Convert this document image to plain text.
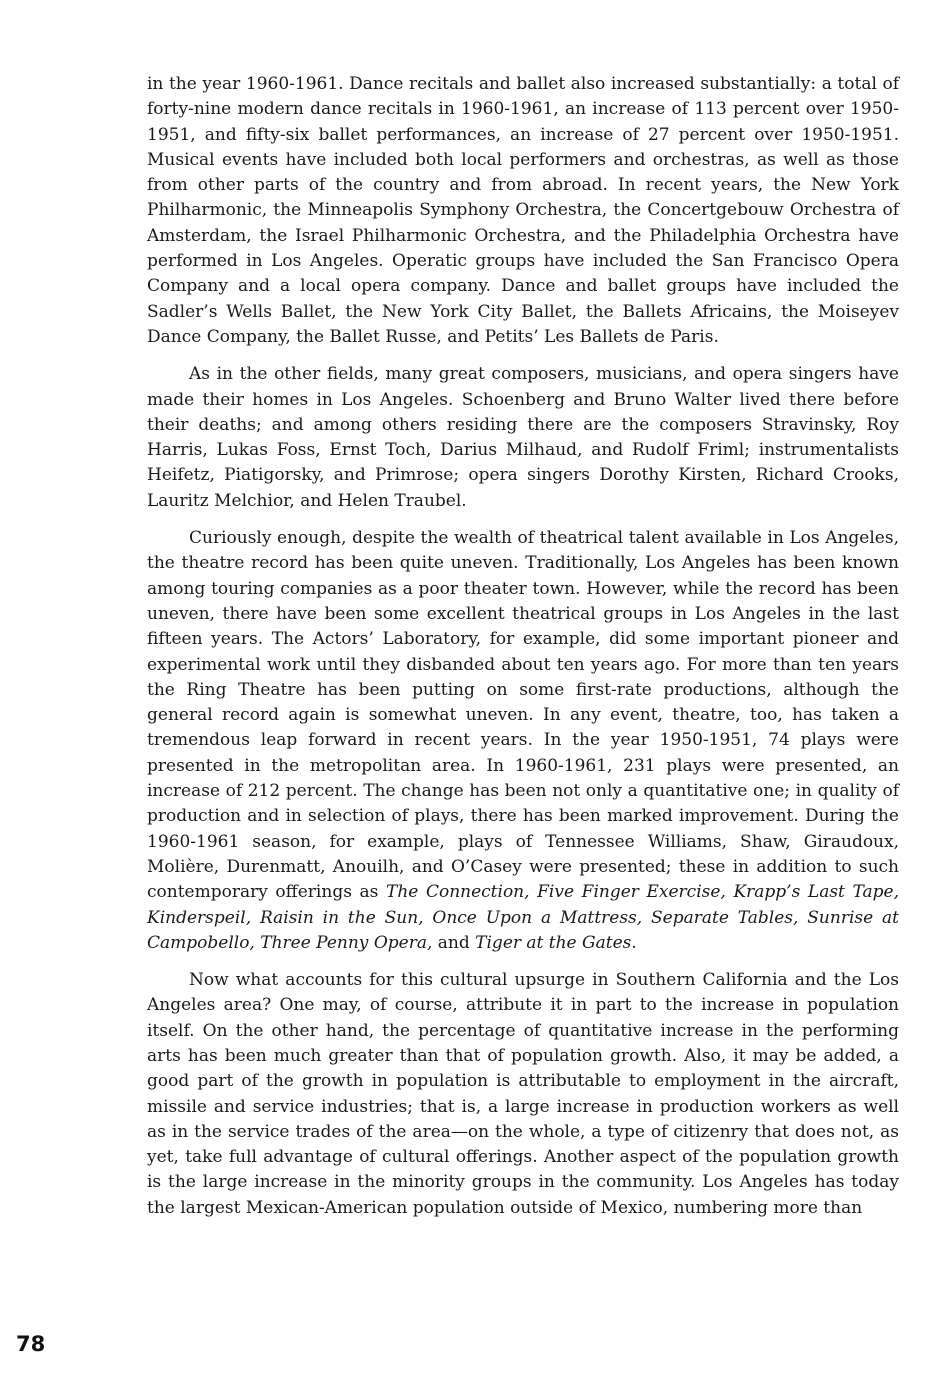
in the year 1960-1961. Dance recitals and ballet also increased substantially: a total of forty-nine modern dance recitals in 1960-1961, an increase of 113 percent over 1950-1951, and fifty-six ballet performances, an increase of 27 percent over 1950-1951. Musical events have included both local performers and orchestras, as well as those from other parts of the country and from abroad. In recent years, the New York Philharmonic, the Minneapolis Symphony Orchestra, the Concertgebouw Orchestra of Amsterdam, the Israel Philharmonic Orchestra, and the Philadelphia Orchestra have performed in Los Angeles. Operatic groups have included the San Francisco Opera Company and a local opera company. Dance and ballet groups have included the Sadler’s Wells Ballet, the New York City Ballet, the Ballets Africains, the Moiseyev Dance Company, the Ballet Russe, and Petits’ Les Ballets de Paris.

As in the other fields, many great composers, musicians, and opera singers have made their homes in Los Angeles. Schoenberg and Bruno Walter lived there before their deaths; and among others residing there are the composers Stravinsky, Roy Harris, Lukas Foss, Ernst Toch, Darius Milhaud, and Rudolf Friml; instrumentalists Heifetz, Piatigorsky, and Primrose; opera singers Dorothy Kirsten, Richard Crooks, Lauritz Melchior, and Helen Traubel.

Curiously enough, despite the wealth of theatrical talent available in Los Angeles, the theatre record has been quite uneven. Traditionally, Los Angeles has been known among touring companies as a poor theater town. However, while the record has been uneven, there have been some excellent theatrical groups in Los Angeles in the last fifteen years. The Actors’ Laboratory, for example, did some important pioneer and experimental work until they disbanded about ten years ago. For more than ten years the Ring Theatre has been putting on some first-rate productions, although the general record again is somewhat uneven. In any event, theatre, too, has taken a tremendous leap forward in recent years. In the year 1950-1951, 74 plays were presented in the metropolitan area. In 1960-1961, 231 plays were presented, an increase of 212 percent. The change has been not only a quantitative one; in quality of production and in selection of plays, there has been marked improvement. During the 1960-1961 season, for example, plays of Tennessee Williams, Shaw, Giraudoux, Molière, Durenmatt, Anouilh, and O’Casey were presented; these in addition to such contemporary offerings as The Connection, Five Finger Exercise, Krapp’s Last Tape, Kinderspeil, Raisin in the Sun, Once Upon a Mattress, Separate Tables, Sunrise at Campobello, Three Penny Opera, and Tiger at the Gates.

Now what accounts for this cultural upsurge in Southern California and the Los Angeles area? One may, of course, attribute it in part to the increase in population itself. On the other hand, the percentage of quantitative increase in the performing arts has been much greater than that of population growth. Also, it may be added, a good part of the growth in population is attributable to employment in the aircraft, missile and service industries; that is, a large increase in production workers as well as in the service trades of the area—on the whole, a type of citizenry that does not, as yet, take full advantage of cultural offerings. Another aspect of the population growth is the large increase in the minority groups in the community. Los Angeles has today the largest Mexican-American population outside of Mexico, numbering more than

78
